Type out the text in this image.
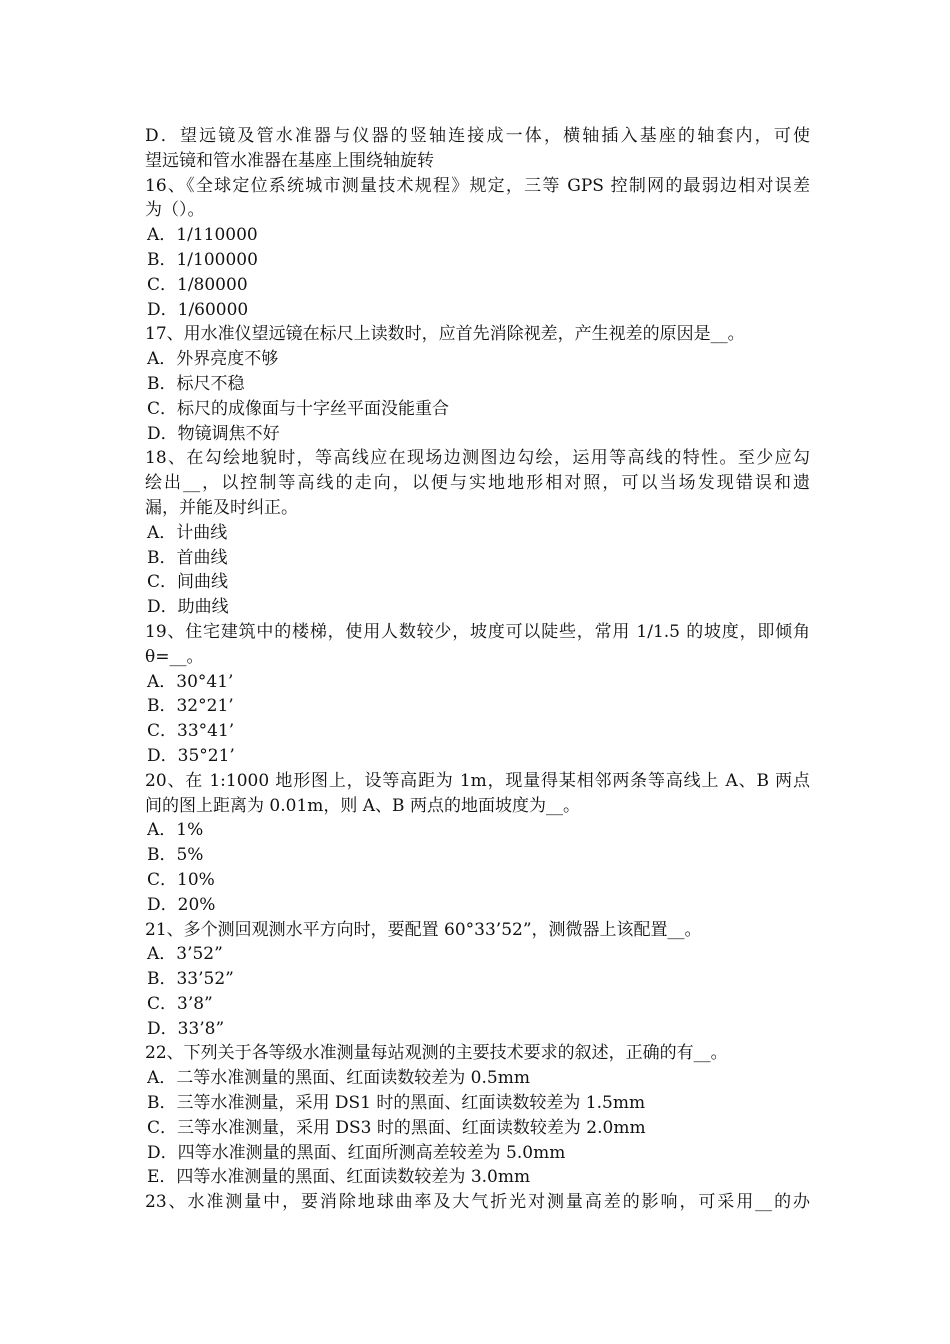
D．望远镜及管水准器与仪器的竖轴连接成一体，横轴插入基座的轴套内，可使
望远镜和管水准器在基座上围绕轴旋转
16、《全球定位系统城市测量技术规程》规定，三等 GPS 控制网的最弱边相对误差
为（）。
A．1/110000
B．1/100000
C．1/80000
D．1/60000
17、用水准仪望远镜在标尺上读数时，应首先消除视差，产生视差的原因是__。
A．外界亮度不够
B．标尺不稳
C．标尺的成像面与十字丝平面没能重合
D．物镜调焦不好
18、在勾绘地貌时，等高线应在现场边测图边勾绘，运用等高线的特性。至少应勾
绘出__，以控制等高线的走向，以便与实地地形相对照，可以当场发现错误和遗
漏，并能及时纠正。
A．计曲线
B．首曲线
C．间曲线
D．助曲线
19、住宅建筑中的楼梯，使用人数较少，坡度可以陡些，常用 1/1.5 的坡度，即倾角
θ=__。
A．30°41’
B．32°21’
C．33°41’
D．35°21’
20、在 1:1000 地形图上，设等高距为 1m，现量得某相邻两条等高线上 A、B 两点
间的图上距离为 0.01m，则 A、B 两点的地面坡度为__。
A．1%
B．5%
C．10%
D．20%
21、多个测回观测水平方向时，要配置 60°33’52”，测微器上该配置__。
A．3’52”
B．33’52”
C．3’8”
D．33’8”
22、下列关于各等级水准测量每站观测的主要技术要求的叙述，正确的有__。
A．二等水准测量的黑面、红面读数较差为 0.5mm
B．三等水准测量，采用 DS1 时的黑面、红面读数较差为 1.5mm
C．三等水准测量，采用 DS3 时的黑面、红面读数较差为 2.0mm
D．四等水准测量的黑面、红面所测高差较差为 5.0mm
E．四等水准测量的黑面、红面读数较差为 3.0mm
23、水准测量中，要消除地球曲率及大气折光对测量高差的影响，可采用__的办
